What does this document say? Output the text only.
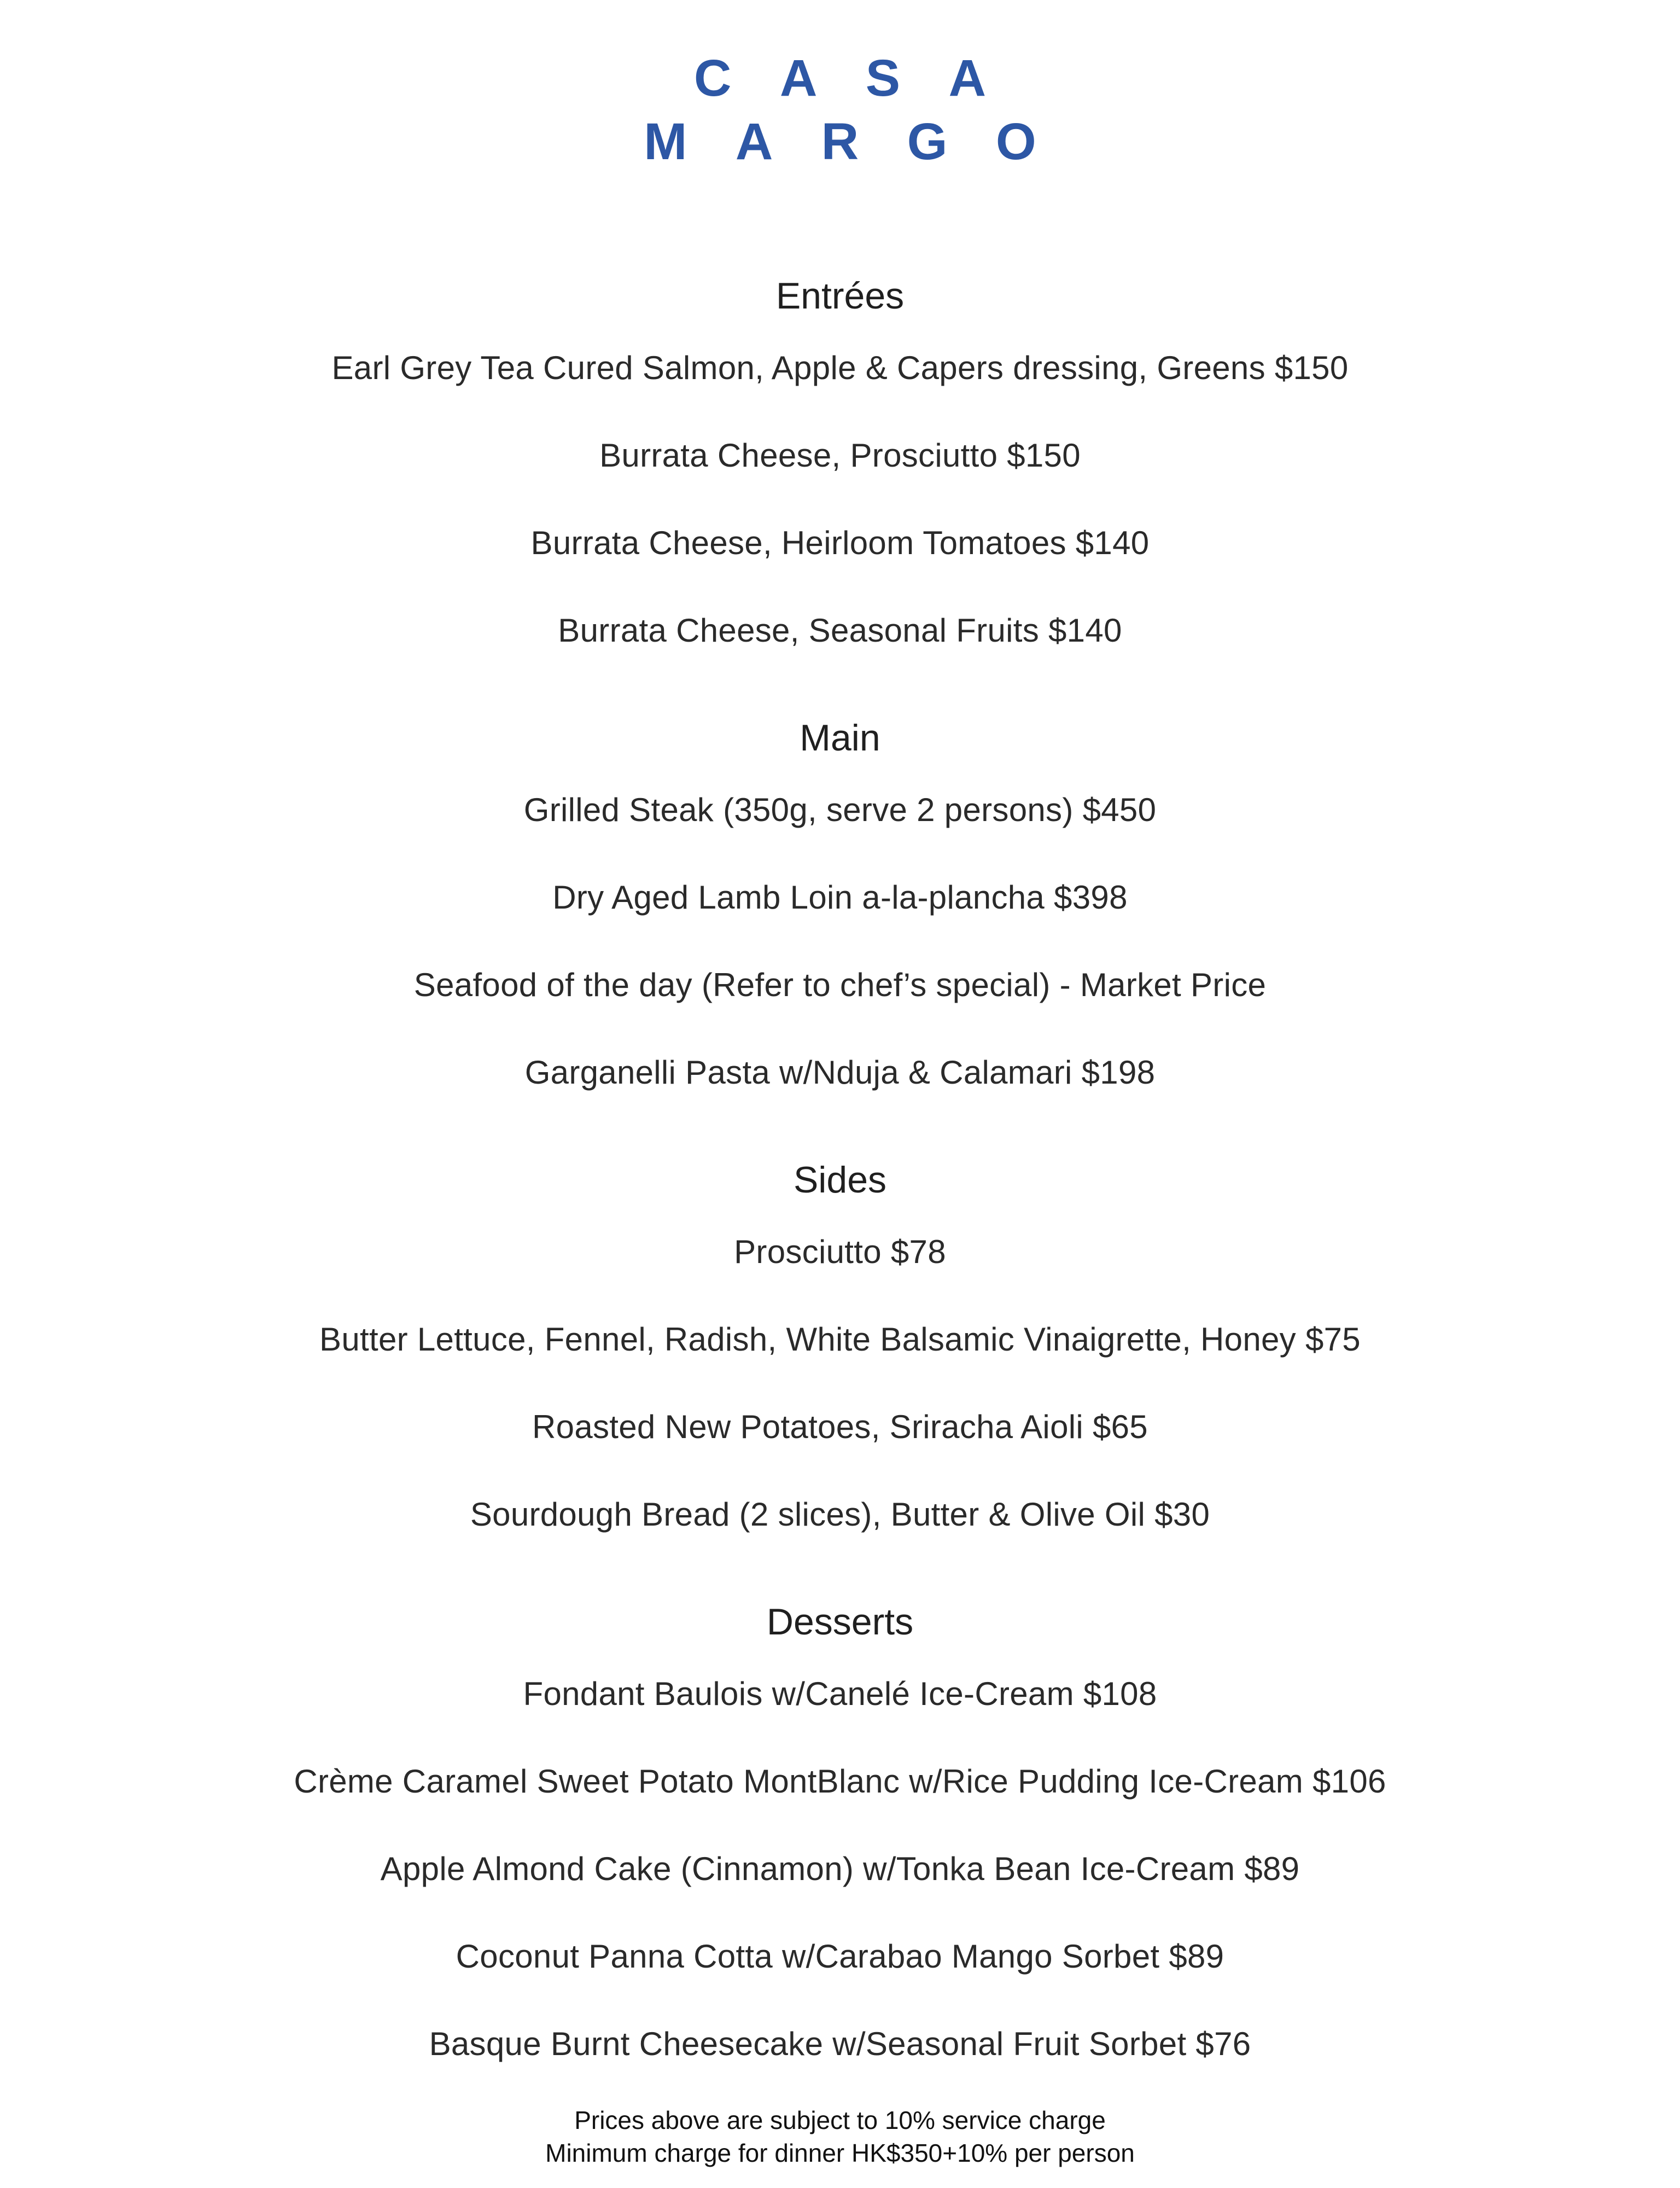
CASA
MARGO
Entrées

Earl Grey Tea Cured Salmon, Apple & Capers dressing, Greens $150

Burrata Cheese, Prosciutto $150

Burrata Cheese, Heirloom Tomatoes $140

Burrata Cheese, Seasonal Fruits $140

Main

Grilled Steak (350g, serve 2 persons) $450

Dry Aged Lamb Loin a-la-plancha $398

Seafood of the day (Refer to chef’s special) - Market Price

Garganelli Pasta w/Nduja & Calamari $198

Sides

Prosciutto $78

Butter Lettuce, Fennel, Radish, White Balsamic Vinaigrette, Honey $75

Roasted New Potatoes, Sriracha Aioli $65

Sourdough Bread (2 slices), Butter & Olive Oil $30

Desserts

Fondant Baulois w/Canelé Ice-Cream $108

Crème Caramel Sweet Potato MontBlanc w/Rice Pudding Ice-Cream $106

Apple Almond Cake (Cinnamon) w/Tonka Bean Ice-Cream $89

Coconut Panna Cotta w/Carabao Mango Sorbet $89

Basque Burnt Cheesecake w/Seasonal Fruit Sorbet $76

Prices above are subject to 10% service charge

Minimum charge for dinner HK$350+10% per person
